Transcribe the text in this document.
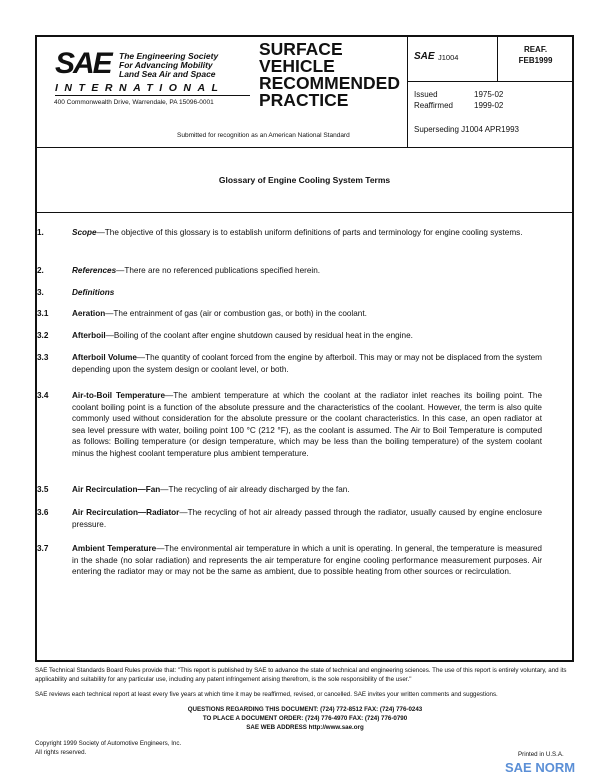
SAE The Engineering Society
For Advancing Mobility
Land Sea Air and Space
INTERNATIONAL
400 Commonwealth Drive, Warrendale, PA 15096-0001
SURFACE
VEHICLE
RECOMMENDED
PRACTICE
Submitted for recognition as an American National Standard
SAE J1004
REAF.
FEB1999
Issued	1975-02

Reaffirmed	1999-02
Superseding J1004 APR1993
Glossary of Engine Cooling System Terms
1.	Scope—The objective of this glossary is to establish uniform definitions of parts and terminology for engine cooling systems.
2.	References—There are no referenced publications specified herein.
3.	Definitions
3.1	Aeration—The entrainment of gas (air or combustion gas, or both) in the coolant.
3.2	Afterboil—Boiling of the coolant after engine shutdown caused by residual heat in the engine.
3.3	Afterboil Volume—The quantity of coolant forced from the engine by afterboil. This may or may not be displaced from the system depending upon the system design or coolant level, or both.
3.4	Air-to-Boil Temperature—The ambient temperature at which the coolant at the radiator inlet reaches its boiling point. The coolant boiling point is a function of the absolute pressure and the characteristics of the coolant. However, the term is also quite commonly used without consideration for the absolute pressure or the coolant characteristics. In this case, an open radiator at sea level pressure with water, boiling point 100 °C (212 °F), as the coolant is assumed. The Air to Boil Temperature is computed as follows: Boiling temperature (or design temperature, which may be less than the boiling temperature) of the system coolant minus the highest coolant temperature plus ambient temperature.
3.5	Air Recirculation—Fan—The recycling of air already discharged by the fan.
3.6	Air Recirculation—Radiator—The recycling of hot air already passed through the radiator, usually caused by engine enclosure pressure.
3.7	Ambient Temperature—The environmental air temperature in which a unit is operating. In general, the temperature is measured in the shade (no solar radiation) and represents the air temperature for engine cooling performance measurement purposes. Air entering the radiator may or may not be the same as ambient, due to possible heating from other sources or recirculation.
SAE Technical Standards Board Rules provide that: "This report is published by SAE to advance the state of technical and engineering sciences. The use of this report is entirely voluntary, and its applicability and suitability for any particular use, including any patent infringement arising therefrom, is the sole responsibility of the user."
SAE reviews each technical report at least every five years at which time it may be reaffirmed, revised, or cancelled. SAE invites your written comments and suggestions.
QUESTIONS REGARDING THIS DOCUMENT: (724) 772-8512 FAX: (724) 776-0243
TO PLACE A DOCUMENT ORDER: (724) 776-4970 FAX: (724) 776-0790
SAE WEB ADDRESS http://www.sae.org
Copyright 1999 Society of Automotive Engineers, Inc.
All rights reserved.	Printed in U.S.A.
SAE NORM
